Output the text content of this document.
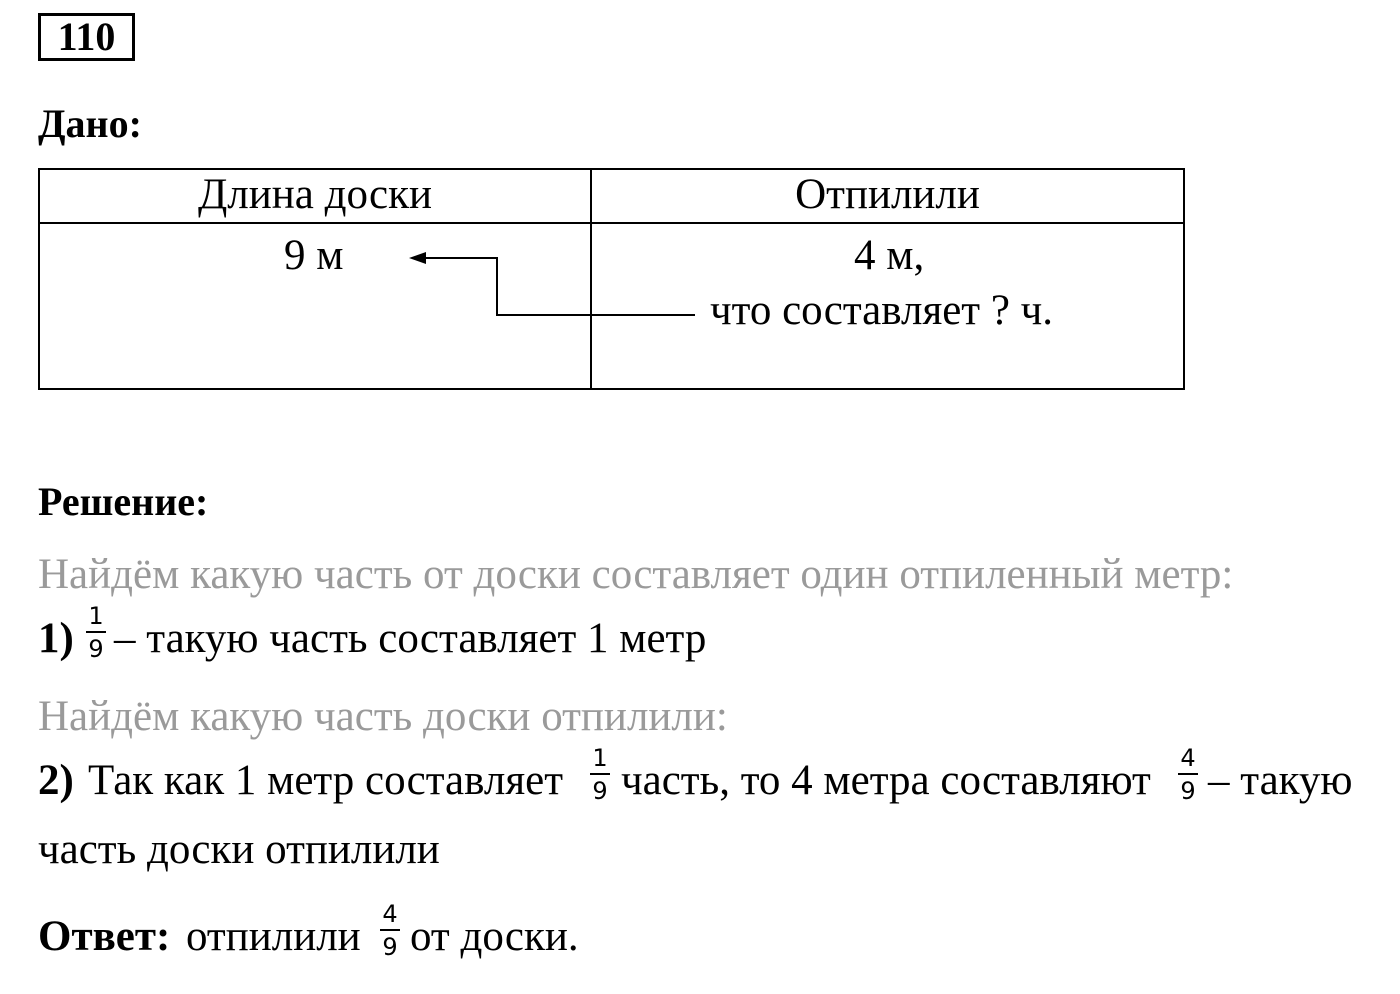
110
Дано:
Длина доски	Отпилили

9 м	4 м,
что составляет ? ч.
Решение:
Найдём какую часть от доски составляет один отпиленный метр:
1) 1
9 – такую часть составляет 1 метр
Найдём какую часть доски отпилили:
2) Так как 1 метр составляет 1
9 часть, то 4 метра составляют 4
9 – такую
часть доски отпилили
Ответ: отпилили 4
9 от доски.
